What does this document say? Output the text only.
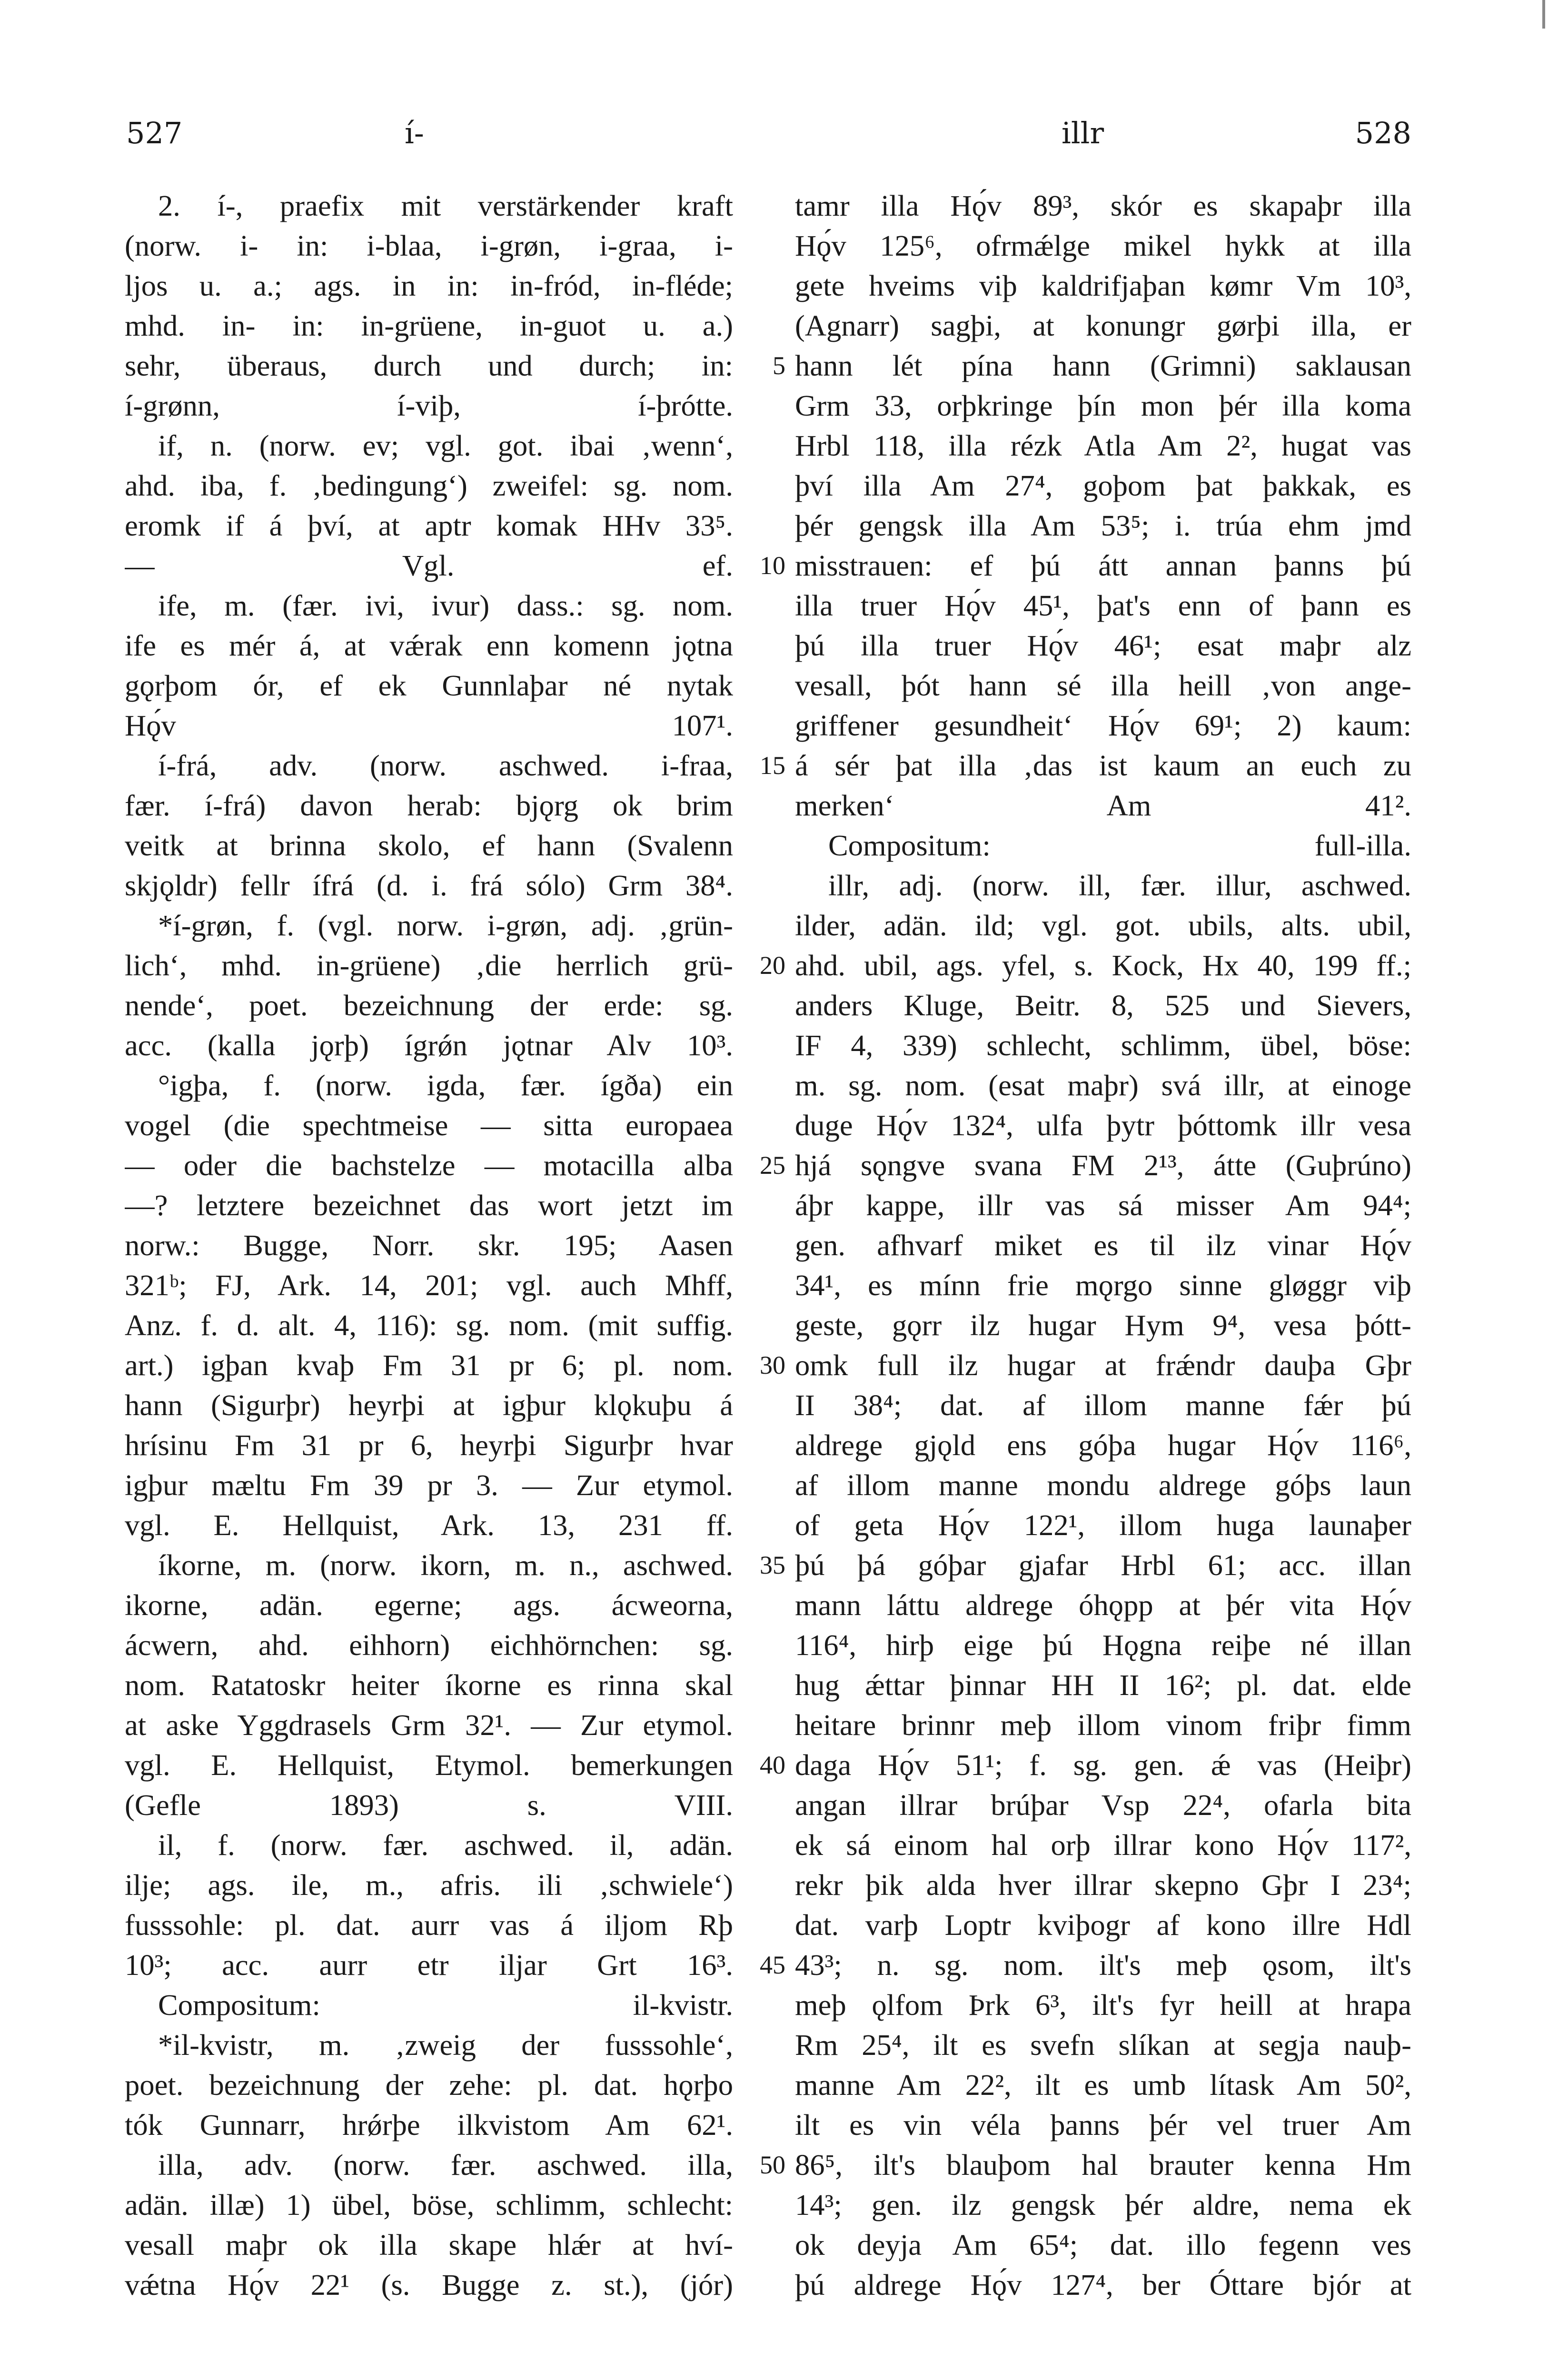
527	í-	illr	528
2. í-, praefix mit verstärkender kraft
(norw. i- in: i-blaa, i-grøn, i-graa, i-
ljos u. a.; ags. in in: in-fród, in-fléde;
mhd. in- in: in-grüene, in-guot u. a.)
sehr, überaus, durch und durch; in:
í-grønn, í-viþ, í-þrótte.
if, n. (norw. ev; vgl. got. ibai ‚wenn‘,
ahd. iba, f. ‚bedingung‘) zweifel: sg. nom.
eromk if á því, at aptr komak HHv 33⁵.
— Vgl. ef.
ife, m. (fær. ivi, ivur) dass.: sg. nom.
ife es mér á, at vǽrak enn komenn jǫtna
gǫrþom ór, ef ek Gunnlaþar né nytak
Hǫ́v 107¹.
í-frá, adv. (norw. aschwed. i-fraa,
fær. í-frá) davon herab: bjǫrg ok brim
veitk at brinna skolo, ef hann (Svalenn
skjǫldr) fellr ífrá (d. i. frá sólo) Grm 38⁴.
*í-grøn, f. (vgl. norw. i-grøn, adj. ‚grün-
lich‘, mhd. in-grüene) ‚die herrlich grü-
nende‘, poet. bezeichnung der erde: sg.
acc. (kalla jǫrþ) ígrǿn jǫtnar Alv 10³.
°igþa, f. (norw. igda, fær. ígða) ein
vogel (die spechtmeise — sitta europaea
— oder die bachstelze — motacilla alba
—? letztere bezeichnet das wort jetzt im
norw.: Bugge, Norr. skr. 195; Aasen
321ᵇ; FJ, Ark. 14, 201; vgl. auch Mhff,
Anz. f. d. alt. 4, 116): sg. nom. (mit suffig.
art.) igþan kvaþ Fm 31 pr 6; pl. nom.
hann (Sigurþr) heyrþi at igþur klǫkuþu á
hrísinu Fm 31 pr 6, heyrþi Sigurþr hvar
igþur mæltu Fm 39 pr 3. — Zur etymol.
vgl. E. Hellquist, Ark. 13, 231 ff.
íkorne, m. (norw. ikorn, m. n., aschwed.
ikorne, adän. egerne; ags. ácweorna,
ácwern, ahd. eihhorn) eichhörnchen: sg.
nom. Ratatoskr heiter íkorne es rinna skal
at aske Yggdrasels Grm 32¹. — Zur etymol.
vgl. E. Hellquist, Etymol. bemerkungen
(Gefle 1893) s. VIII.
il, f. (norw. fær. aschwed. il, adän.
ilje; ags. ile, m., afris. ili ‚schwiele‘)
fusssohle: pl. dat. aurr vas á iljom Rþ
10³; acc. aurr etr iljar Grt 16³.
Compositum: il-kvistr.
*il-kvistr, m. ‚zweig der fusssohle‘,
poet. bezeichnung der zehe: pl. dat. hǫrþo
tók Gunnarr, hrǿrþe ilkvistom Am 62¹.
illa, adv. (norw. fær. aschwed. illa,
adän. illæ) 1) übel, böse, schlimm, schlecht:
vesall maþr ok illa skape hlǽr at hví-
vǽtna Hǫ́v 22¹ (s. Bugge z. st.), (jór)
5
10
15
20
25
30
35
40
45
50
tamr illa Hǫ́v 89³, skór es skapaþr illa
Hǫ́v 125⁶, ofrmǽlge mikel hykk at illa
gete hveims viþ kaldrifjaþan kømr Vm 10³,
(Agnarr) sagþi, at konungr gørþi illa, er
hann lét pína hann (Grimni) saklausan
Grm 33, orþkringe þín mon þér illa koma
Hrbl 118, illa rézk Atla Am 2², hugat vas
því illa Am 27⁴, goþom þat þakkak, es
þér gengsk illa Am 53⁵; i. trúa ehm jmd
misstrauen: ef þú átt annan þanns þú
illa truer Hǫ́v 45¹, þat's enn of þann es
þú illa truer Hǫ́v 46¹; esat maþr alz
vesall, þót hann sé illa heill ‚von ange-
griffener gesundheit‘ Hǫ́v 69¹; 2) kaum:
á sér þat illa ‚das ist kaum an euch zu
merken‘ Am 41².
Compositum: full-illa.
illr, adj. (norw. ill, fær. illur, aschwed.
ilder, adän. ild; vgl. got. ubils, alts. ubil,
ahd. ubil, ags. yfel, s. Kock, Hx 40, 199 ff.;
anders Kluge, Beitr. 8, 525 und Sievers,
IF 4, 339) schlecht, schlimm, übel, böse:
m. sg. nom. (esat maþr) svá illr, at einoge
duge Hǫ́v 132⁴, ulfa þytr þóttomk illr vesa
hjá sǫngve svana FM 2¹³, átte (Guþrúno)
áþr kappe, illr vas sá misser Am 94⁴;
gen. afhvarf miket es til ilz vinar Hǫ́v
34¹, es mínn frie mǫrgo sinne gløggr viþ
geste, gǫrr ilz hugar Hym 9⁴, vesa þótt-
omk full ilz hugar at frǽndr dauþa Gþr
II 38⁴; dat. af illom manne fǽr þú
aldrege gjǫld ens góþa hugar Hǫ́v 116⁶,
af illom manne mondu aldrege góþs laun
of geta Hǫ́v 122¹, illom huga launaþer
þú þá góþar gjafar Hrbl 61; acc. illan
mann láttu aldrege óhǫpp at þér vita Hǫ́v
116⁴, hirþ eige þú Hǫgna reiþe né illan
hug ǽttar þinnar HH II 16²; pl. dat. elde
heitare brinnr meþ illom vinom friþr fimm
daga Hǫ́v 51¹; f. sg. gen. ǽ vas (Heiþr)
angan illrar brúþar Vsp 22⁴, ofarla bita
ek sá einom hal orþ illrar kono Hǫ́v 117²,
rekr þik alda hver illrar skepno Gþr I 23⁴;
dat. varþ Loptr kviþogr af kono illre Hdl
43³; n. sg. nom. ilt's meþ ǫsom, ilt's
meþ ǫlfom Þrk 6³, ilt's fyr heill at hrapa
Rm 25⁴, ilt es svefn slíkan at segja nauþ-
manne Am 22², ilt es umb lítask Am 50²,
ilt es vin véla þanns þér vel truer Am
86⁵, ilt's blauþom hal brauter kenna Hm
14³; gen. ilz gengsk þér aldre, nema ek
ok deyja Am 65⁴; dat. illo fegenn ves
þú aldrege Hǫ́v 127⁴, ber Óttare bjór at
